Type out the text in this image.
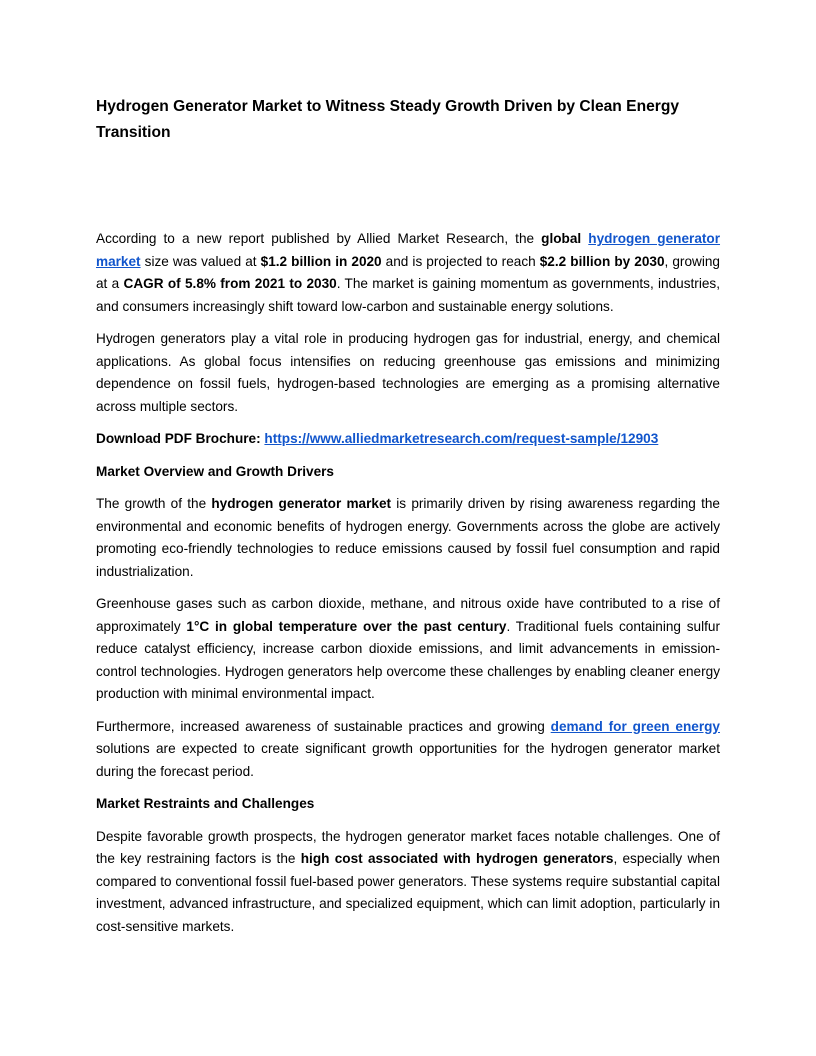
Hydrogen Generator Market to Witness Steady Growth Driven by Clean Energy Transition

According to a new report published by Allied Market Research, the global hydrogen generator market size was valued at $1.2 billion in 2020 and is projected to reach $2.2 billion by 2030, growing at a CAGR of 5.8% from 2021 to 2030. The market is gaining momentum as governments, industries, and consumers increasingly shift toward low-carbon and sustainable energy solutions.

Hydrogen generators play a vital role in producing hydrogen gas for industrial, energy, and chemical applications. As global focus intensifies on reducing greenhouse gas emissions and minimizing dependence on fossil fuels, hydrogen-based technologies are emerging as a promising alternative across multiple sectors.

Download PDF Brochure: https://www.alliedmarketresearch.com/request-sample/12903

Market Overview and Growth Drivers

The growth of the hydrogen generator market is primarily driven by rising awareness regarding the environmental and economic benefits of hydrogen energy. Governments across the globe are actively promoting eco-friendly technologies to reduce emissions caused by fossil fuel consumption and rapid industrialization.

Greenhouse gases such as carbon dioxide, methane, and nitrous oxide have contributed to a rise of approximately 1°C in global temperature over the past century. Traditional fuels containing sulfur reduce catalyst efficiency, increase carbon dioxide emissions, and limit advancements in emission-control technologies. Hydrogen generators help overcome these challenges by enabling cleaner energy production with minimal environmental impact.

Furthermore, increased awareness of sustainable practices and growing demand for green energy solutions are expected to create significant growth opportunities for the hydrogen generator market during the forecast period.

Market Restraints and Challenges

Despite favorable growth prospects, the hydrogen generator market faces notable challenges. One of the key restraining factors is the high cost associated with hydrogen generators, especially when compared to conventional fossil fuel-based power generators. These systems require substantial capital investment, advanced infrastructure, and specialized equipment, which can limit adoption, particularly in cost-sensitive markets.
